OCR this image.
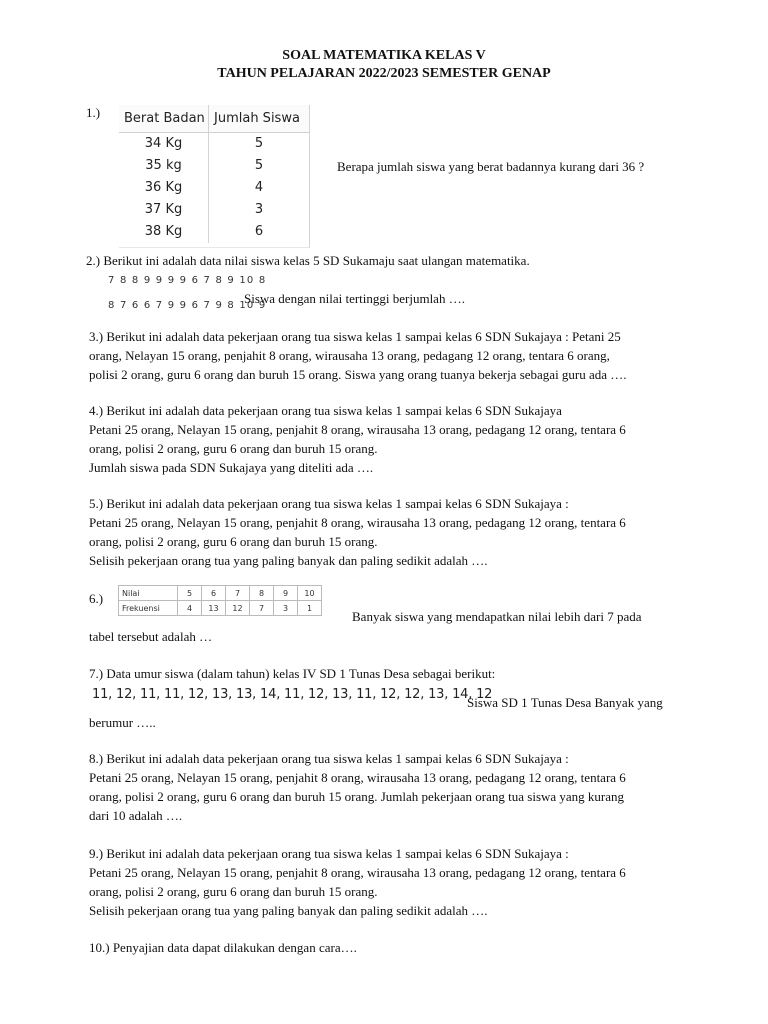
SOAL MATEMATIKA KELAS V
TAHUN PELAJARAN 2022/2023 SEMESTER GENAP
1.)	Berat Badan Jumlah Siswa
34 Kg	5
35 kg	5
36 Kg	4
37 Kg	3
38 Kg	6
Berapa jumlah siswa yang berat badannya kurang dari 36 ?
2.) Berikut ini adalah data nilai siswa kelas 5 SD Sukamaju saat ulangan matematika.
7 8 8 9 9 9 9 6 7 8 9 10 8
8 7 6 6 7 9 9 6 7 9 8 10 9
Siswa dengan nilai tertinggi berjumlah ….
3.) Berikut ini adalah data pekerjaan orang tua siswa kelas 1 sampai kelas 6 SDN Sukajaya : Petani 25
orang, Nelayan 15 orang, penjahit 8 orang, wirausaha 13 orang, pedagang 12 orang, tentara 6 orang,
polisi 2 orang, guru 6 orang dan buruh 15 orang. Siswa yang orang tuanya bekerja sebagai guru ada ….
4.) Berikut ini adalah data pekerjaan orang tua siswa kelas 1 sampai kelas 6 SDN Sukajaya
Petani 25 orang, Nelayan 15 orang, penjahit 8 orang, wirausaha 13 orang, pedagang 12 orang, tentara 6
orang, polisi 2 orang, guru 6 orang dan buruh 15 orang.
Jumlah siswa pada SDN Sukajaya yang diteliti ada ….
5.) Berikut ini adalah data pekerjaan orang tua siswa kelas 1 sampai kelas 6 SDN Sukajaya :
Petani 25 orang, Nelayan 15 orang, penjahit 8 orang, wirausaha 13 orang, pedagang 12 orang, tentara 6
orang, polisi 2 orang, guru 6 orang dan buruh 15 orang.
Selisih pekerjaan orang tua yang paling banyak dan paling sedikit adalah ….
6.) Nilai	5	6	7	8	9	10
Frekuensi	4	13	12	7	3	1
Banyak siswa yang mendapatkan nilai lebih dari 7 pada
tabel tersebut adalah …
7.) Data umur siswa (dalam tahun) kelas IV SD 1 Tunas Desa sebagai berikut:
11, 12, 11, 11, 12, 13, 13, 14, 11, 12, 13, 11, 12, 12, 13, 14, 12
Siswa SD 1 Tunas Desa Banyak yang
berumur …..
8.) Berikut ini adalah data pekerjaan orang tua siswa kelas 1 sampai kelas 6 SDN Sukajaya :
Petani 25 orang, Nelayan 15 orang, penjahit 8 orang, wirausaha 13 orang, pedagang 12 orang, tentara 6
orang, polisi 2 orang, guru 6 orang dan buruh 15 orang. Jumlah pekerjaan orang tua siswa yang kurang
dari 10 adalah ….
9.) Berikut ini adalah data pekerjaan orang tua siswa kelas 1 sampai kelas 6 SDN Sukajaya :
Petani 25 orang, Nelayan 15 orang, penjahit 8 orang, wirausaha 13 orang, pedagang 12 orang, tentara 6
orang, polisi 2 orang, guru 6 orang dan buruh 15 orang.
Selisih pekerjaan orang tua yang paling banyak dan paling sedikit adalah ….
10.) Penyajian data dapat dilakukan dengan cara….
